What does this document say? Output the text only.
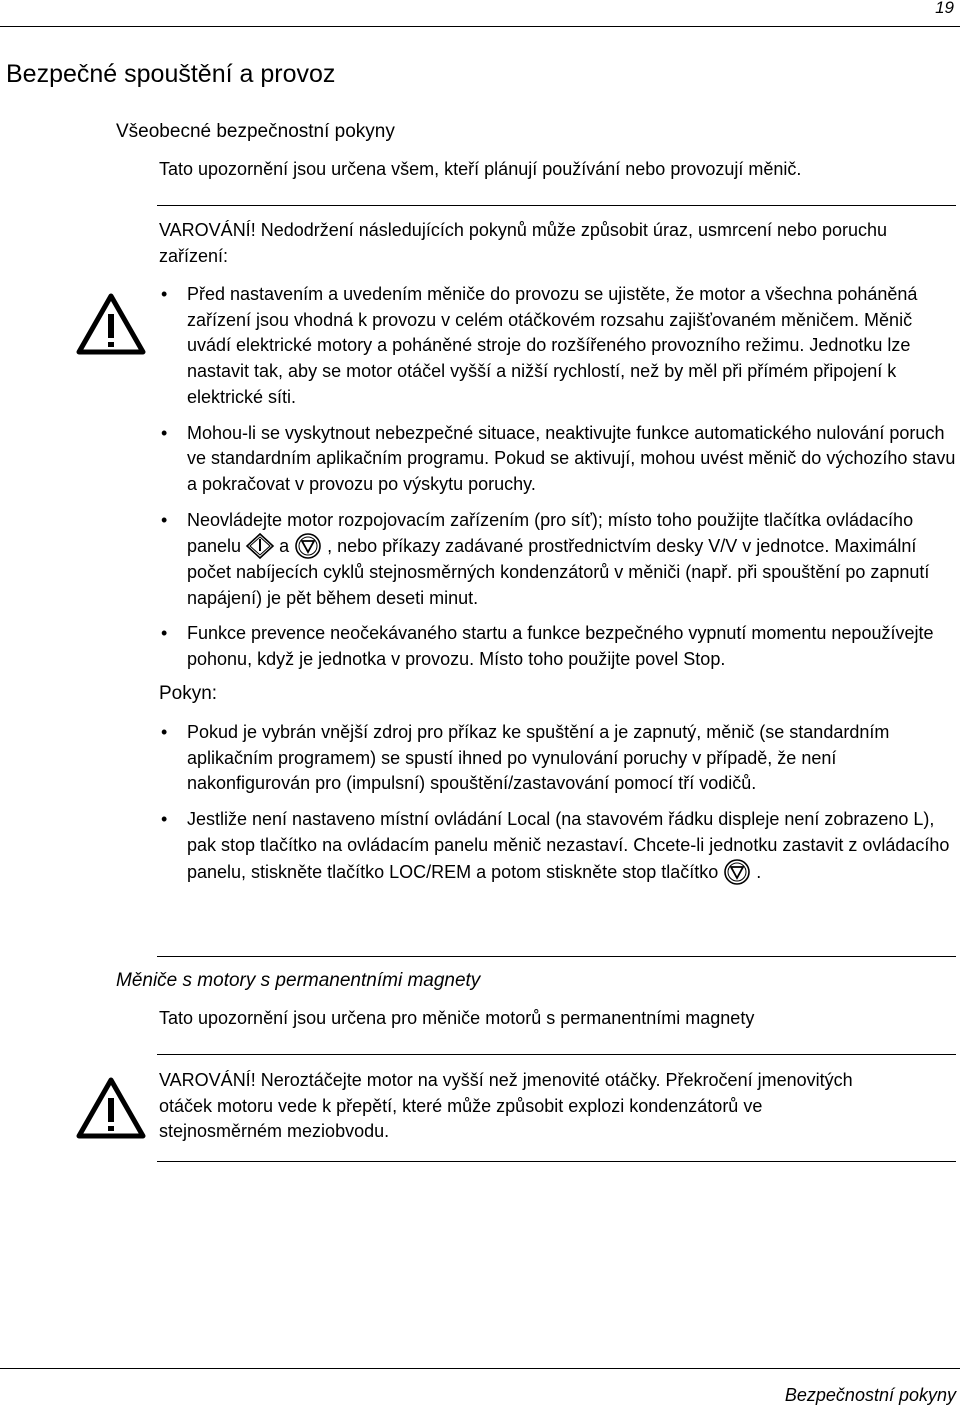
19
Bezpečné spouštění a provoz
Všeobecné bezpečnostní pokyny
Tato upozornění jsou určena všem, kteří plánují používání nebo provozují měnič.
VAROVÁNÍ! Nedodržení následujících pokynů může způsobit úraz, usmrcení nebo poruchu zařízení:
• Před nastavením a uvedením měniče do provozu se ujistěte, že motor a všechna poháněná zařízení jsou vhodná k provozu v celém otáčkovém rozsahu zajišťovaném měničem. Měnič uvádí elektrické motory a poháněné stroje do rozšířeného provozního režimu. Jednotku lze nastavit tak, aby se motor otáčel vyšší a nižší rychlostí, než by měl při přímém připojení k elektrické síti.
• Mohou-li se vyskytnout nebezpečné situace, neaktivujte funkce automatického nulování poruch ve standardním aplikačním programu. Pokud se aktivují, mohou uvést měnič do výchozího stavu a pokračovat v provozu po výskytu poruchy.
• Neovládejte motor rozpojovacím zařízením (pro síť); místo toho použijte tlačítka ovládacího panelu a , nebo příkazy zadávané prostřednictvím desky V/V v jednotce. Maximální počet nabíjecích cyklů stejnosměrných kondenzátorů v měniči (např. při spouštění po zapnutí napájení) je pět během deseti minut.
• Funkce prevence neočekávaného startu a funkce bezpečného vypnutí momentu nepoužívejte pohonu, když je jednotka v provozu. Místo toho použijte povel Stop.
Pokyn:
• Pokud je vybrán vnější zdroj pro příkaz ke spuštění a je zapnutý, měnič (se standardním aplikačním programem) se spustí ihned po vynulování poruchy v případě, že není nakonfigurován pro (impulsní) spouštění/zastavování pomocí tří vodičů.
• Jestliže není nastaveno místní ovládání Local (na stavovém řádku displeje není zobrazeno L), pak stop tlačítko na ovládacím panelu měnič nezastaví. Chcete-li jednotku zastavit z ovládacího panelu, stiskněte tlačítko LOC/REM a potom stiskněte stop tlačítko .
Měniče s motory s permanentními magnety
Tato upozornění jsou určena pro měniče motorů s permanentními magnety
VAROVÁNÍ! Neroztáčejte motor na vyšší než jmenovité otáčky. Překročení jmenovitých otáček motoru vede k přepětí, které může způsobit explozi kondenzátorů ve stejnosměrném meziobvodu.
Bezpečnostní pokyny
